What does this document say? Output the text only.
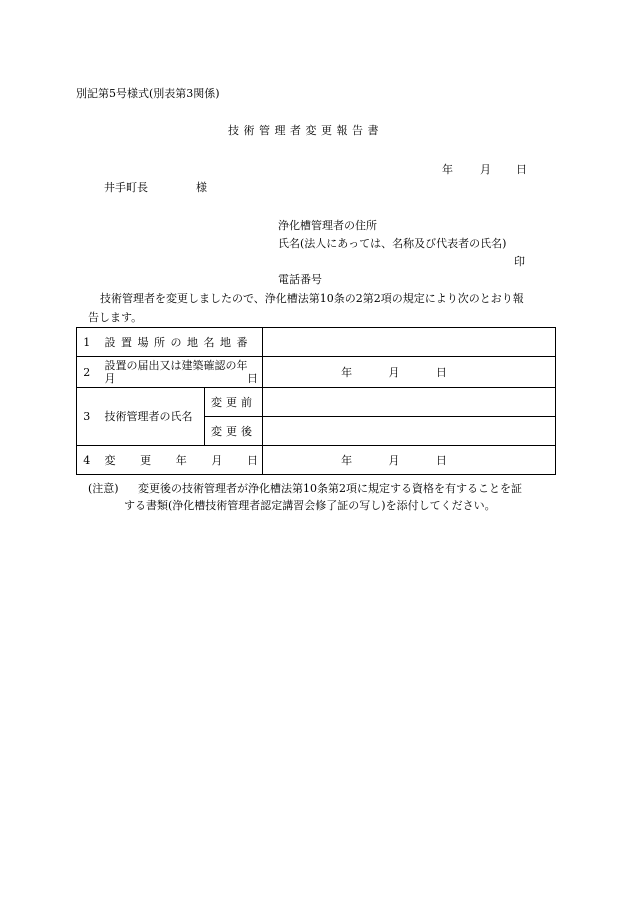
別記第5号様式(別表第3関係)
技術管理者変更報告書
年 月 日
井手町長	様
浄化槽管理者の住所
氏名(法人にあっては、名称及び代表者の氏名)
印
電話番号
技術管理者を変更しましたので、浄化槽法第10条の2第2項の規定により次のとおり報
告します。
1	設置場所の地名地番		
2	設置の届出又は建築確認の年
月 日		年 月 日

3	技術管理者の氏名	変更前	
		変更後	
4	変 更 年 月 日		年 月 日
(注意) 変更後の技術管理者が浄化槽法第10条第2項に規定する資格を有することを証
する書類(浄化槽技術管理者認定講習会修了証の写し)を添付してください。
